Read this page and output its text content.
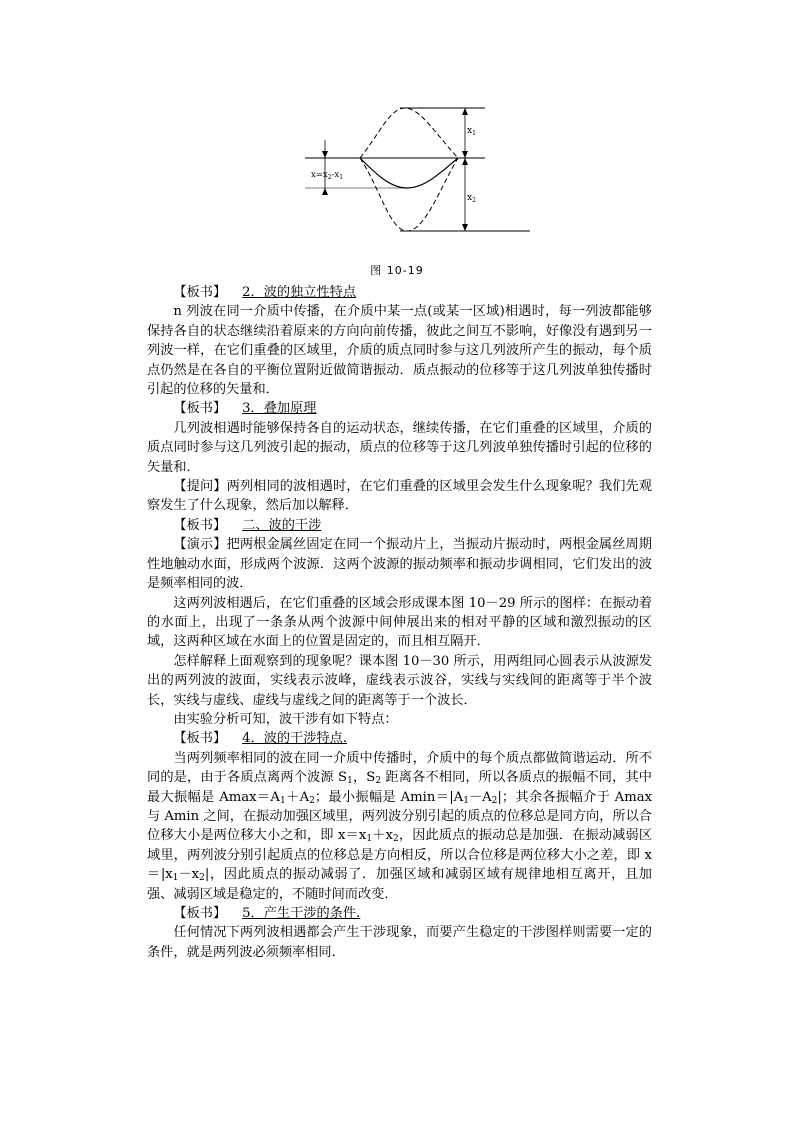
$x_1$
$x_2$
$x=x_2-x_1$
图 10-19
【板书】 2．波的独立性特点

n 列波在同一介质中传播，在介质中某一点(或某一区域)相遇时，每一列波都能够保持各自的状态继续沿着原来的方向向前传播，彼此之间互不影响，好像没有遇到另一列波一样，在它们重叠的区域里，介质的质点同时参与这几列波所产生的振动，每个质点仍然是在各自的平衡位置附近做简谐振动．质点振动的位移等于这几列波单独传播时引起的位移的矢量和．

【板书】 3．叠加原理

几列波相遇时能够保持各自的运动状态，继续传播，在它们重叠的区域里，介质的质点同时参与这几列波引起的振动，质点的位移等于这几列波单独传播时引起的位移的矢量和．

【提问】两列相同的波相遇时，在它们重叠的区域里会发生什么现象呢？我们先观察发生了什么现象，然后加以解释．

【板书】 二、波的干涉

【演示】把两根金属丝固定在同一个振动片上，当振动片振动时，两根金属丝周期性地触动水面，形成两个波源．这两个波源的振动频率和振动步调相同，它们发出的波是频率相同的波．

这两列波相遇后，在它们重叠的区域会形成课本图 10－29 所示的图样：在振动着的水面上，出现了一条条从两个波源中间伸展出来的相对平静的区域和激烈振动的区域，这两种区域在水面上的位置是固定的，而且相互隔开．

怎样解释上面观察到的现象呢？课本图 10－30 所示，用两组同心圆表示从波源发出的两列波的波面，实线表示波峰，虚线表示波谷，实线与实线间的距离等于半个波长，实线与虚线、虚线与虚线之间的距离等于一个波长．

由实验分析可知，波干涉有如下特点：

【板书】 4．波的干涉特点.

当两列频率相同的波在同一介质中传播时，介质中的每个质点都做简谐运动．所不同的是，由于各质点离两个波源 $S_1$，$S_2$ 距离各不相同，所以各质点的振幅不同，其中最大振幅是 $Amax=A_1+A_2$；最小振幅是 $Amin=|A_1-A_2|$；其余各振幅介于 Amax 与 Amin 之间，在振动加强区域里，两列波分别引起的质点的位移总是同方向，所以合位移大小是两位移大小之和，即 $x=x_1+x_2$，因此质点的振动总是加强．在振动减弱区域里，两列波分别引起质点的位移总是方向相反，所以合位移是两位移大小之差，即 $x=|x_1-x_2|$，因此质点的振动减弱了．加强区域和减弱区域有规律地相互离开，且加强、减弱区域是稳定的，不随时间而改变．

【板书】 5．产生干涉的条件.

任何情况下两列波相遇都会产生干涉现象，而要产生稳定的干涉图样则需要一定的条件，就是两列波必须频率相同．
